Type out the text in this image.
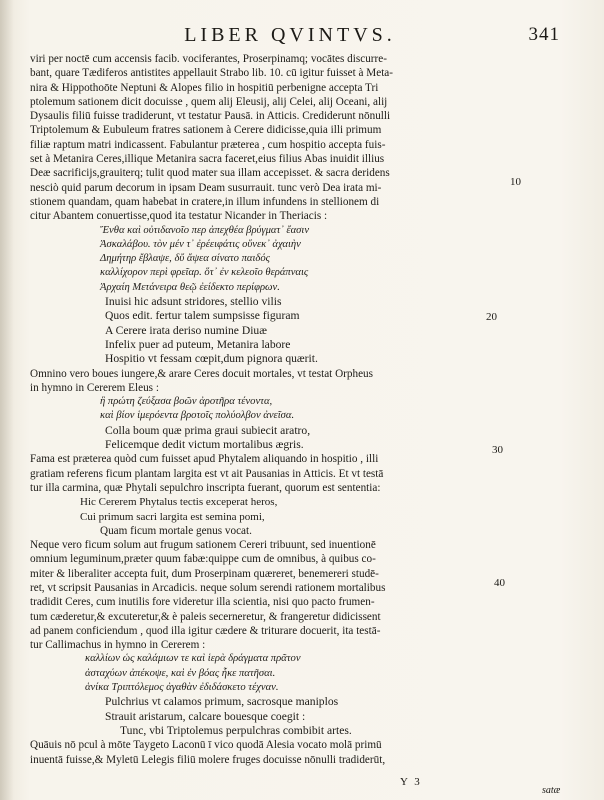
LIBER QVINTVS.	341
viri per noctē cum accensis facib. vociferantes, Proserpinamq; vocātes discurre-
bant, quare Tædiferos antistites appellauit Strabo lib. 10. cū igitur fuisset à Meta-
nira & Hippothoōte Neptuni & Alopes filio in hospitiū perbenigne accepta Tri
ptolemum sationem dicit docuisse , quem alij Eleusij, alij Celei, alij Oceani, alij
Dysaulis filiū fuisse tradiderunt, vt testatur Pausā. in Atticis. Crediderunt nōnulli
Triptolemum & Eubuleum fratres sationem à Cerere didicisse,quia illi primum
filiæ raptum matri indicassent. Fabulantur præterea , cum hospitio accepta fuis-
set à Metanira Ceres,illique Metanira sacra faceret,eius filius Abas inuidit illius
Deæ sacrificijs,grauiterq; tulit quod mater sua illam accepisset. & sacra deridens
nesciò quid parum decorum in ipsam Deam susurrauit. tunc verò Dea irata mi-
stionem quandam, quam habebat in cratere,in illum infundens in stellionem di
citur Abantem conuertisse,quod ita testatur Nicander in Theriacis :
Ἔνθα καὶ οὐτιδανοῖο περ ἀπεχθέα βρύγματ᾽ ἔασιν
Ἀσκαλάβου. τὸν μέν τ᾽ ἐρέειφάτις οὕνεκ᾽ ἀχαιὴν
Δημήτηρ ἔβλαψε, δὔ ἄψεα σίνατο παιδός
καλλίχορον περὶ φρεῖαρ. ὅτ᾽ ἐν κελεοῖο θεράπναις
Ἀρχαίη Μετάνειρα θεῷ ἐείδεκτο περίφρων.
Inuisi hic adsunt stridores, stellio vilis
Quos edit. fertur talem sumpsisse figuram
A Cerere irata deriso numine Diuæ
Infelix puer ad puteum, Metanira labore
Hospitio vt fessam cœpit,dum pignora quærit.
Omnino vero boues iungere,& arare Ceres docuit mortales, vt testat Orpheus
in hymno in Cererem Eleus :
ἣ πρώτη ζεύξασα βοῶν ἀροτῆρα τένοντα,
καὶ βίον ἱμερόεντα βροτοῖς πολύολβον ἀνεῖσα.
Colla boum quæ prima graui subiecit aratro,
Felicemque dedit victum mortalibus ægris.
Fama est præterea quòd cum fuisset apud Phytalem aliquando in hospitio , illi
gratiam referens ficum plantam largita est vt ait Pausanias in Atticis. Et vt testā
tur illa carmina, quæ Phytali sepulchro inscripta fuerant, quorum est sententia:
Hic Cererem Phytalus tectis exceperat heros,
Cui primum sacri largita est semina pomi,
Quam ficum mortale genus vocat.
Neque vero ficum solum aut frugum sationem Cereri tribuunt, sed inuentionē
omnium leguminum,præter quum fabæ:quippe cum de omnibus, à quibus co-
miter & liberaliter accepta fuit, dum Proserpinam quæreret, benemereri studē-
ret, vt scripsit Pausanias in Arcadicis. neque solum serendi rationem mortalibus
tradidit Ceres, cum inutilis fore videretur illa scientia, nisi quo pacto frumen-
tum cæderetur,& excuteretur,& è paleis secerneretur, & frangeretur didicissent
ad panem conficiendum , quod illa igitur cædere & triturare docuerit, ita testā-
tur Callimachus in hymno in Cererem :
καλλίων ὡς καλάμιων τε καὶ ἱερὰ δράγματα πρᾶτον
ἀσταχύων ἀπέκοψε, καὶ ἐν βόας ἧκε πατῆσαι.
ἁνίκα Τριπτόλεμος ἀγαθὰν ἐδιδάσκετο τέχναν.
Pulchrius vt calamos primum, sacrosque maniplos
Strauit aristarum, calcare bouesque coegit :
Tunc, vbi Triptolemus perpulchras combibit artes.
Quāuis nō pcul à mōte Taygeto Laconū ī vico quodā Alesia vocato molā primū
inuentā fuisse,& Myletū Lelegis filiū molere fruges docuisse nōnulli tradiderūt,
10
20
30
40
Y 3
satæ
